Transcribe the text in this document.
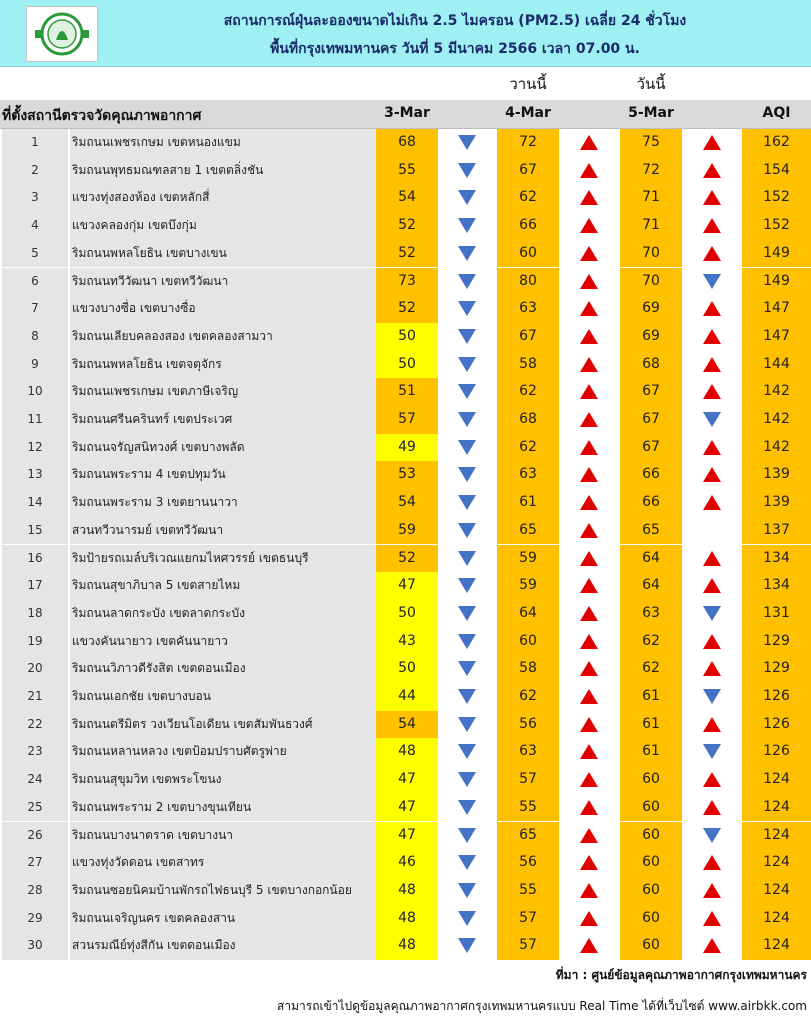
สถานการณ์ฝุ่นละอองขนาดไม่เกิน 2.5 ไมครอน (PM2.5) เฉลี่ย 24 ชั่วโมง
พื้นที่กรุงเทพมหานคร วันที่ 5 มีนาคม 2566 เวลา 07.00 น.
วานนี้	วันนี้
ที่ตั้งสถานีตรวจวัดคุณภาพอากาศ	3-Mar	4-Mar	5-Mar	AQI
1	ริมถนนเพชรเกษม เขตหนองแขม	68	72	75	162
2	ริมถนนพุทธมณฑลสาย 1 เขตตลิ่งชัน	55	67	72	154
3	แขวงทุ่งสองห้อง เขตหลักสี่	54	62	71	152
4	แขวงคลองกุ่ม เขตบึงกุ่ม	52	66	71	152
5	ริมถนนพหลโยธิน เขตบางเขน	52	60	70	149
6	ริมถนนทวีวัฒนา เขตทวีวัฒนา	73	80	70	149
7	แขวงบางซื่อ เขตบางซื่อ	52	63	69	147
8	ริมถนนเลียบคลองสอง เขตคลองสามวา	50	67	69	147
9	ริมถนนพหลโยธิน เขตจตุจักร	50	58	68	144
10	ริมถนนเพชรเกษม เขตภาษีเจริญ	51	62	67	142
11	ริมถนนศรีนครินทร์ เขตประเวศ	57	68	67	142
12	ริมถนนจรัญสนิทวงศ์ เขตบางพลัด	49	62	67	142
13	ริมถนนพระราม 4 เขตปทุมวัน	53	63	66	139
14	ริมถนนพระราม 3 เขตยานนาวา	54	61	66	139
15	สวนทวีวนารมย์ เขตทวีวัฒนา	59	65	65	137
16	ริมป้ายรถเมล์บริเวณแยกมไหศวรรย์ เขตธนบุรี	52	59	64	134
17	ริมถนนสุขาภิบาล 5 เขตสายไหม	47	59	64	134
18	ริมถนนลาดกระบัง เขตลาดกระบัง	50	64	63	131
19	แขวงคันนายาว เขตคันนายาว	43	60	62	129
20	ริมถนนวิภาวดีรังสิต เขตดอนเมือง	50	58	62	129
21	ริมถนนเอกชัย เขตบางบอน	44	62	61	126
22	ริมถนนตรีมิตร วงเวียนโอเดียน เขตสัมพันธวงศ์	54	56	61	126
23	ริมถนนหลานหลวง เขตป้อมปราบศัตรูพ่าย	48	63	61	126
24	ริมถนนสุขุมวิท เขตพระโขนง	47	57	60	124
25	ริมถนนพระราม 2 เขตบางขุนเทียน	47	55	60	124
26	ริมถนนบางนาตราด เขตบางนา	47	65	60	124
27	แขวงทุ่งวัดดอน เขตสาทร	46	56	60	124
28	ริมถนนซอยนิคมบ้านพักรถไฟธนบุรี 5 เขตบางกอกน้อย	48	55	60	124
29	ริมถนนเจริญนคร เขตคลองสาน	48	57	60	124
30	สวนรมณีย์ทุ่งสีกัน เขตดอนเมือง	48	57	60	124
ที่มา : ศูนย์ข้อมูลคุณภาพอากาศกรุงเทพมหานคร
สามารถเข้าไปดูข้อมูลคุณภาพอากาศกรุงเทพมหานครแบบ Real Time ได้ที่เว็บไซต์ www.airbkk.com
